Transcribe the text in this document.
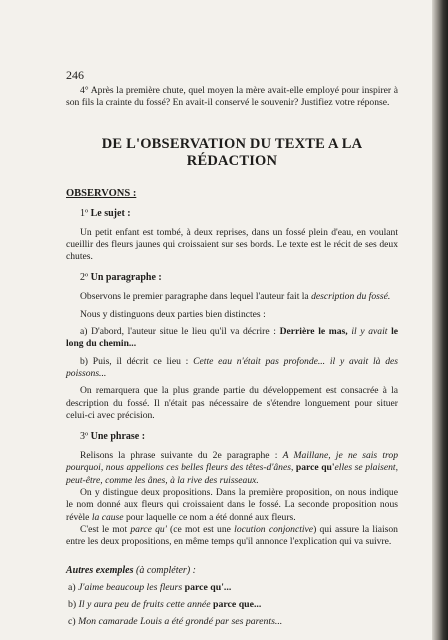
246

4° Après la première chute, quel moyen la mère avait-elle employé pour inspirer à son fils la crainte du fossé? En avait-il conservé le souvenir? Justifiez votre réponse.

DE L'OBSERVATION DU TEXTE A LA RÉDACTION
OBSERVONS :
1º Le sujet :

Un petit enfant est tombé, à deux reprises, dans un fossé plein d'eau, en voulant cueillir des fleurs jaunes qui croissaient sur ses bords. Le texte est le récit de ses deux chutes.

2º Un paragraphe :

Observons le premier paragraphe dans lequel l'auteur fait la description du fossé.

Nous y distinguons deux parties bien distinctes :

a) D'abord, l'auteur situe le lieu qu'il va décrire : Derrière le mas, il y avait le long du chemin...

b) Puis, il décrit ce lieu : Cette eau n'était pas profonde... il y avait là des poissons...

On remarquera que la plus grande partie du développement est consacrée à la description du fossé. Il n'était pas nécessaire de s'étendre longuement pour situer celui-ci avec précision.

3º Une phrase :

Relisons la phrase suivante du 2e paragraphe : A Maillane, je ne sais trop pourquoi, nous appelions ces belles fleurs des têtes-d'ânes, parce qu'elles se plaisent, peut-être, comme les ânes, à la rive des ruisseaux.

On y distingue deux propositions. Dans la première proposition, on nous indique le nom donné aux fleurs qui croissaient dans le fossé. La seconde proposition nous révèle la cause pour laquelle ce nom a été donné aux fleurs.

C'est le mot parce qu' (ce mot est une locution conjonctive) qui assure la liaison entre les deux propositions, en même temps qu'il annonce l'explication qui va suivre.

Autres exemples (à compléter) :
a) J'aime beaucoup les fleurs parce qu'...
b) Il y aura peu de fruits cette année parce que...
c) Mon camarade Louis a été grondé par ses parents...
